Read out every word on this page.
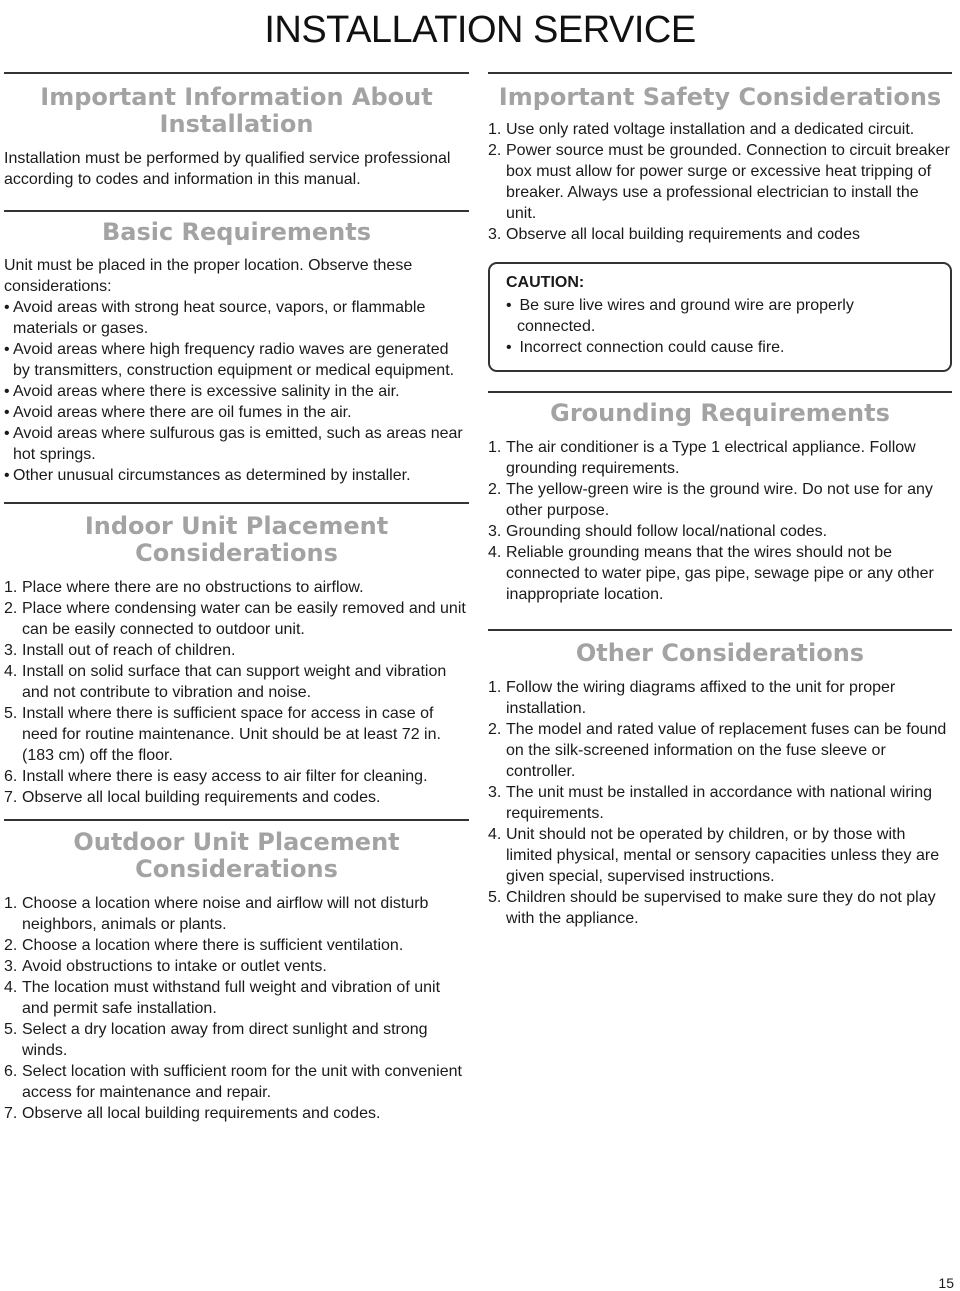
INSTALLATION SERVICE
Important Information About
Installation

Installation must be performed by qualified service professional according to codes and information in this manual.

Basic Requirements

Unit must be placed in the proper location. Observe these considerations:

• Avoid areas with strong heat source, vapors, or flammable materials or gases.
• Avoid areas where high frequency radio waves are generated by transmitters, construction equipment or medical equipment.
• Avoid areas where there is excessive salinity in the air.
• Avoid areas where there are oil fumes in the air.
• Avoid areas where sulfurous gas is emitted, such as areas near hot springs.
• Other unusual circumstances as determined by installer.
Indoor Unit Placement Considerations
1. Place where there are no obstructions to airflow.
2. Place where condensing water can be easily removed and unit can be easily connected to outdoor unit.
3. Install out of reach of children.
4. Install on solid surface that can support weight and vibration and not contribute to vibration and noise.
5. Install where there is sufficient space for access in case of need for routine maintenance. Unit should be at least 72 in. (183 cm) off the floor.
6. Install where there is easy access to air filter for cleaning.
7. Observe all local building requirements and codes.
Outdoor Unit Placement
Considerations
1. Choose a location where noise and airflow will not disturb neighbors, animals or plants.
2. Choose a location where there is sufficient ventilation.
3. Avoid obstructions to intake or outlet vents.
4. The location must withstand full weight and vibration of unit and permit safe installation.
5. Select a dry location away from direct sunlight and strong winds.
6. Select location with sufficient room for the unit with convenient access for maintenance and repair.
7. Observe all local building requirements and codes.
Important Safety Considerations
1. Use only rated voltage installation and a dedicated circuit.
2. Power source must be grounded. Connection to circuit breaker box must allow for power surge or excessive heat tripping of breaker. Always use a professional electrician to install the unit.
3. Observe all local building requirements and codes

CAUTION:

• Be sure live wires and ground wire are properly connected.
• Incorrect connection could cause fire.
Grounding Requirements
1. The air conditioner is a Type 1 electrical appliance. Follow grounding requirements.
2. The yellow-green wire is the ground wire. Do not use for any other purpose.
3. Grounding should follow local/national codes.
4. Reliable grounding means that the wires should not be connected to water pipe, gas pipe, sewage pipe or any other inappropriate location.
Other Considerations
1. Follow the wiring diagrams affixed to the unit for proper installation.
2. The model and rated value of replacement fuses can be found on the silk-screened information on the fuse sleeve or controller.
3. The unit must be installed in accordance with national wiring requirements.
4. Unit should not be operated by children, or by those with limited physical, mental or sensory capacities unless they are given special, supervised instructions.
5. Children should be supervised to make sure they do not play with the appliance.
15
